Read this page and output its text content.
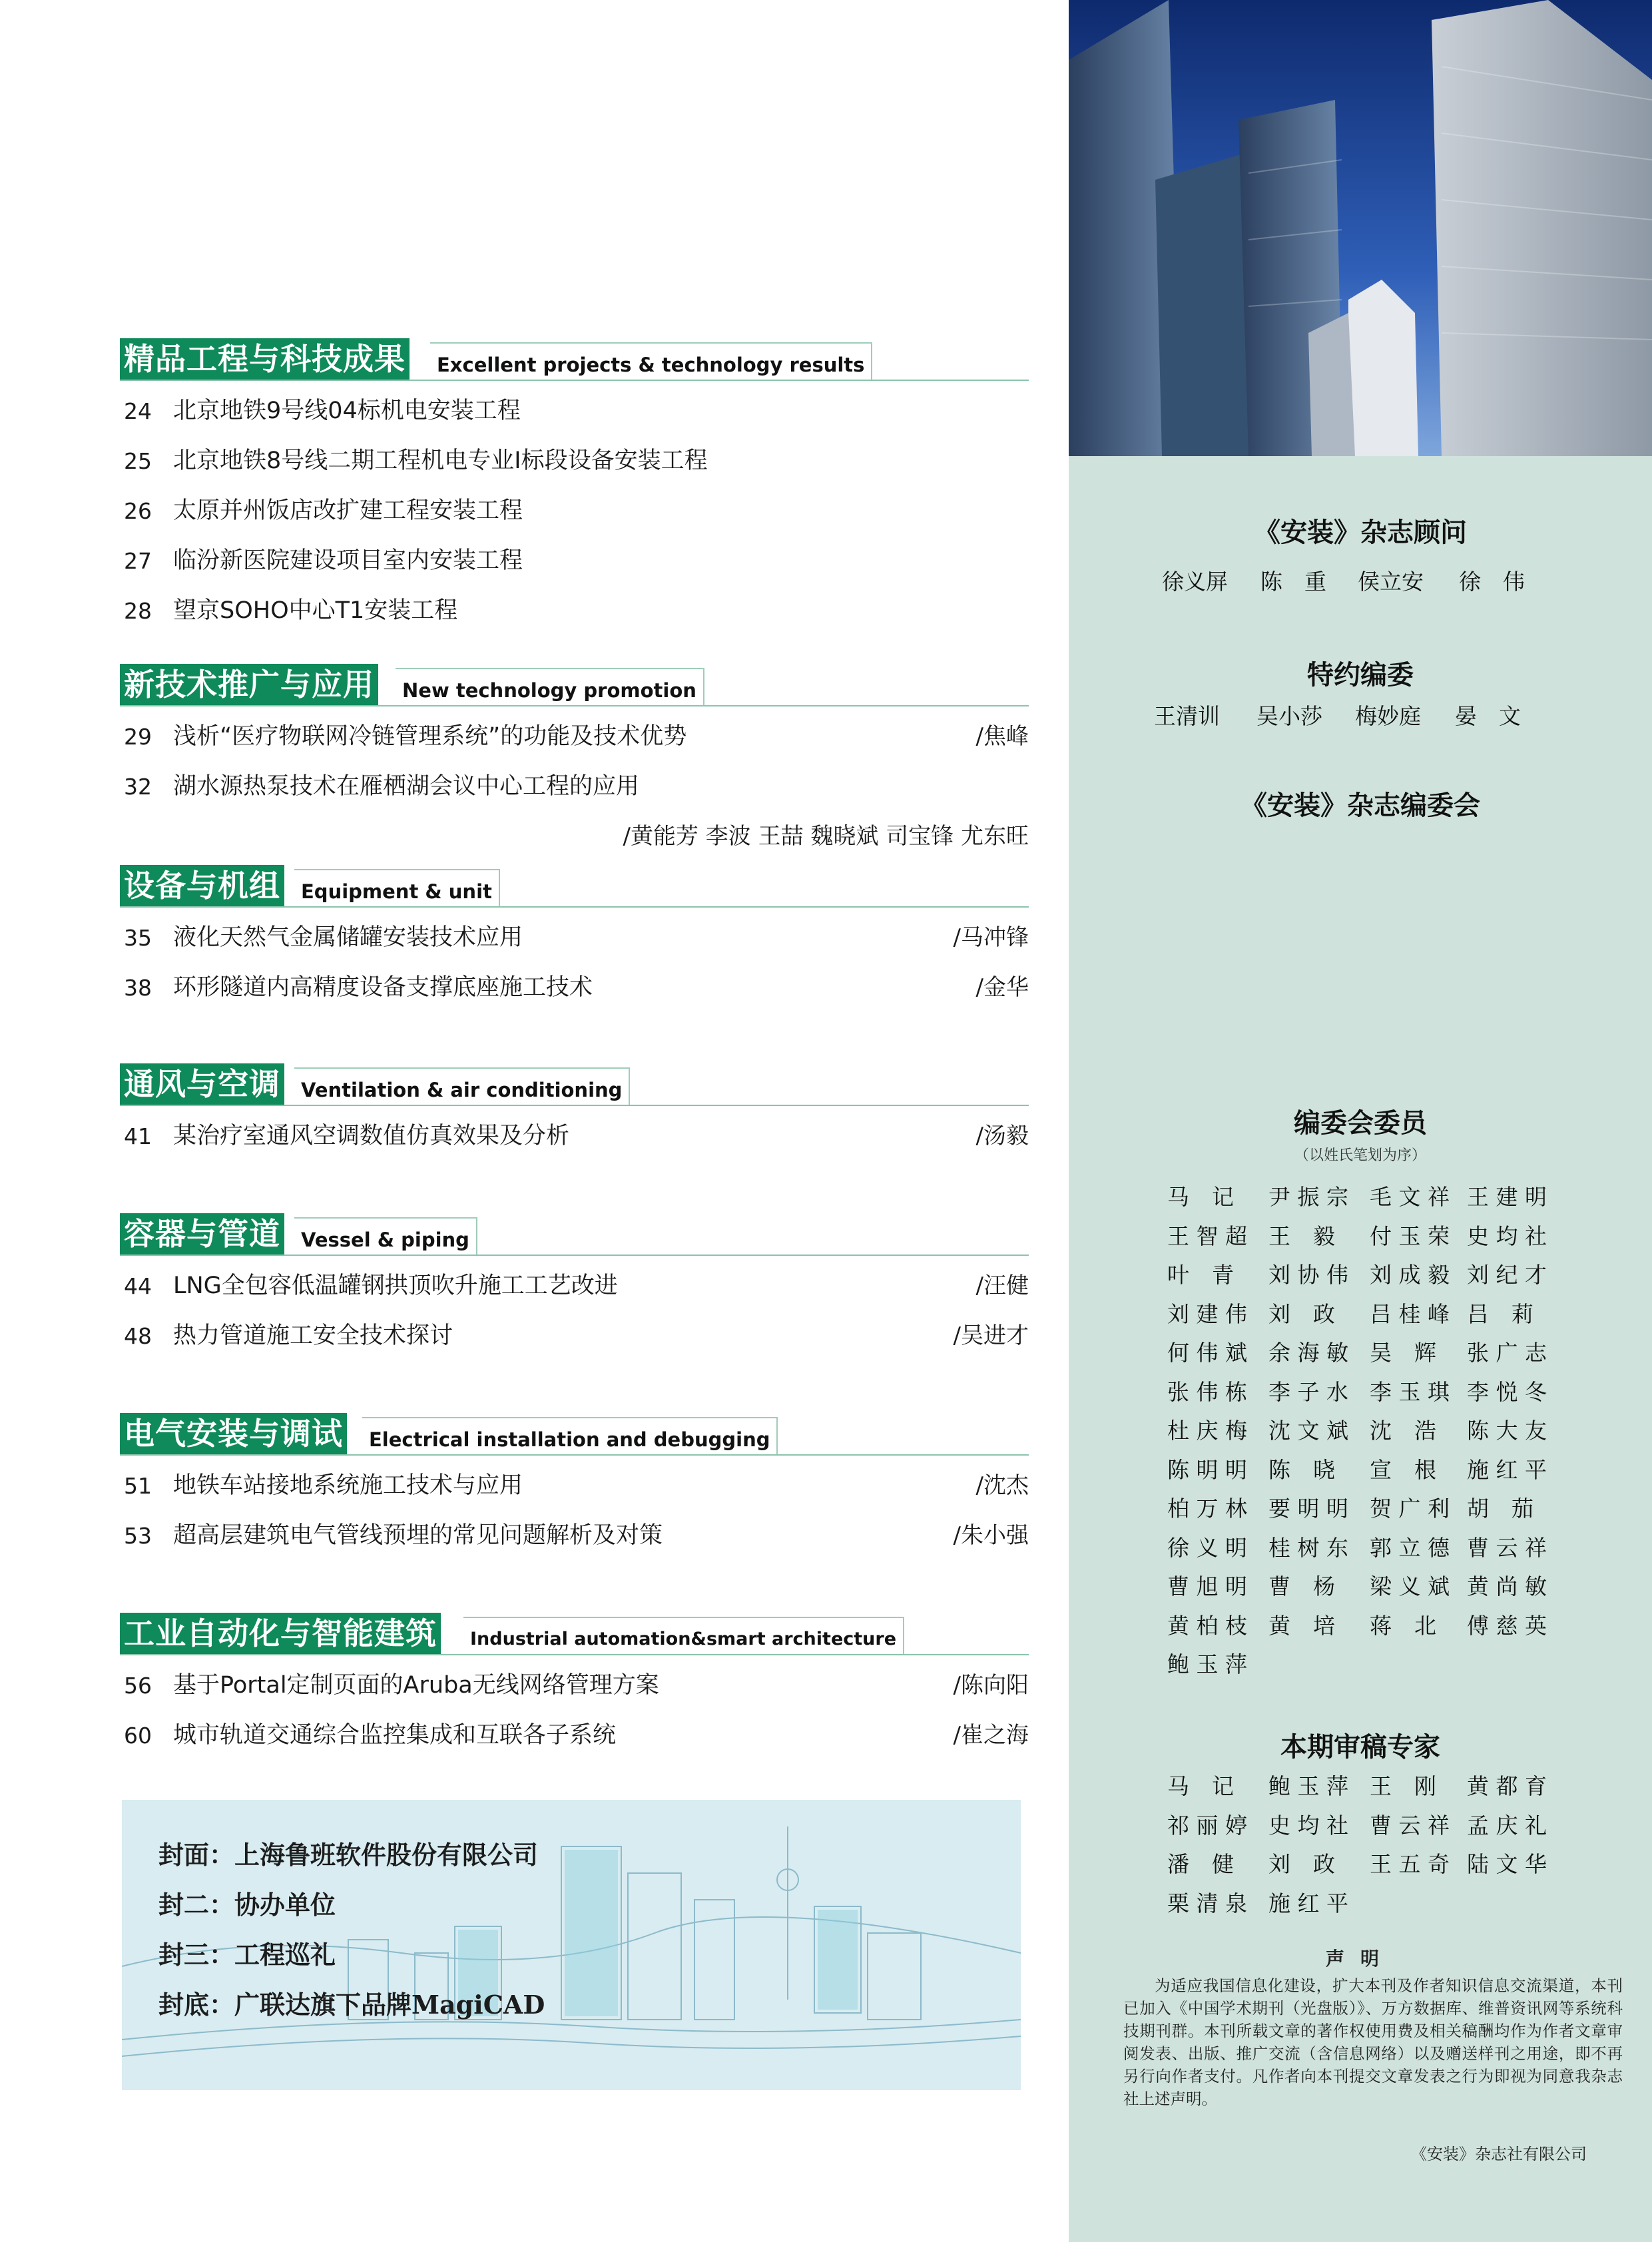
精品工程与科技成果	Excellent projects & technology results
24 北京地铁9号线04标机电安装工程
25 北京地铁8号线二期工程机电专业Ⅰ标段设备安装工程
26 太原并州饭店改扩建工程安装工程
27 临汾新医院建设项目室内安装工程
28 望京SOHO中心T1安装工程
新技术推广与应用	New technology promotion
29 浅析“医疗物联网冷链管理系统”的功能及技术优势	/焦峰
32 湖水源热泵技术在雁栖湖会议中心工程的应用
/黄能芳 李波 王喆 魏晓斌 司宝锋 尤东旺
设备与机组	Equipment & unit
35 液化天然气金属储罐安装技术应用	/马冲锋
38 环形隧道内高精度设备支撑底座施工技术	/金华
通风与空调	Ventilation & air conditioning
41 某治疗室通风空调数值仿真效果及分析	/汤毅
容器与管道	Vessel & piping
44 LNG全包容低温罐钢拱顶吹升施工工艺改进	/汪健
48 热力管道施工安全技术探讨	/吴进才
电气安装与调试	Electrical installation and debugging
51 地铁车站接地系统施工技术与应用	/沈杰
53 超高层建筑电气管线预埋的常见问题解析及对策	/朱小强
工业自动化与智能建筑	Industrial automation&smart architecture
56 基于Portal定制页面的Aruba无线网络管理方案	/陈向阳
60 城市轨道交通综合监控集成和互联各子系统	/崔之海
封面：上海鲁班软件股份有限公司
封二：协办单位
封三：工程巡礼
封底：广联达旗下品牌MagiCAD
《安装》杂志顾问
徐义屏 陈　重 侯立安 徐　伟
特约编委
王清训 吴小莎 梅妙庭 晏　文
《安装》杂志编委会
编委会委员
（以姓氏笔划为序）
马记 尹振宗 毛文祥 王建明
王智超 王毅 付玉荣 史均社
叶青 刘协伟 刘成毅 刘纪才
刘建伟 刘政 吕桂峰 吕莉
何伟斌 余海敏 吴辉 张广志
张伟栋 李子水 李玉琪 李悦冬
杜庆梅 沈文斌 沈浩 陈大友
陈明明 陈晓 宣根 施红平
柏万林 要明明 贺广利 胡茄
徐义明 桂树东 郭立德 曹云祥
曹旭明 曹杨 梁义斌 黄尚敏
黄柏枝 黄培 蒋北 傅慈英
鲍玉萍
本期审稿专家
马记 鲍玉萍 王刚 黄都育
祁丽婷 史均社 曹云祥 孟庆礼
潘健 刘政 王五奇 陆文华
栗清泉 施红平
声明
为适应我国信息化建设，扩大本刊及作者知识信息交流渠道，本刊已加入《中国学术期刊（光盘版）》、万方数据库、维普资讯网等系统科技期刊群。本刊所载文章的著作权使用费及相关稿酬均作为作者文章审阅发表、出版、推广交流（含信息网络）以及赠送样刊之用途，即不再另行向作者支付。凡作者向本刊提交文章发表之行为即视为同意我杂志社上述声明。
《安装》杂志社有限公司
